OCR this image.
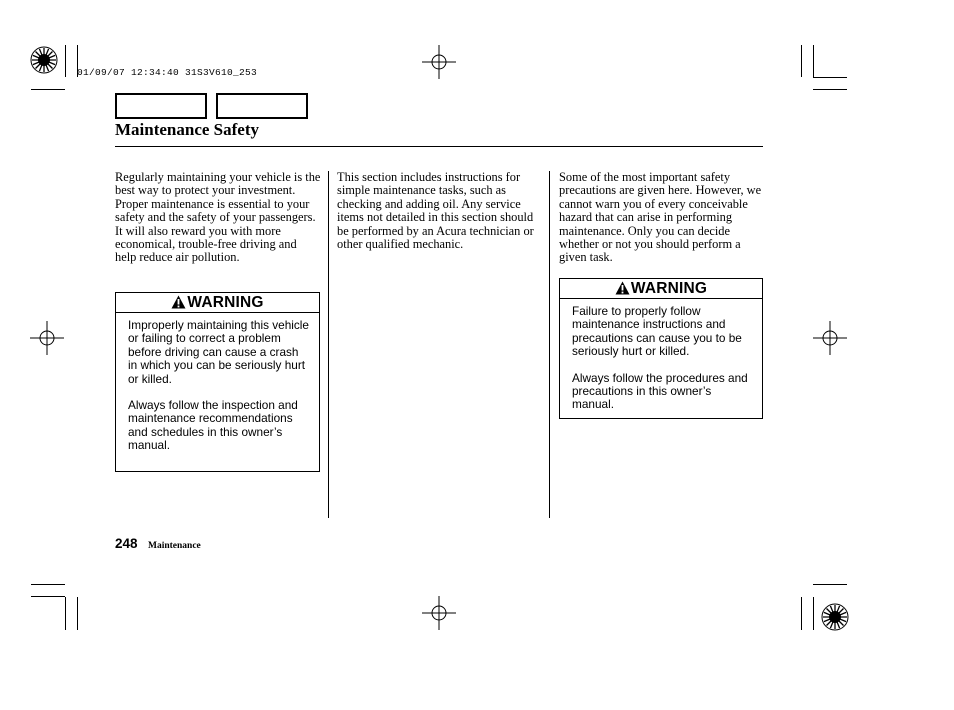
01/09/07 12:34:40 31S3V610_253
Maintenance Safety
Regularly maintaining your vehicle is the best way to protect your investment. Proper maintenance is essential to your safety and the safety of your passengers. It will also reward you with more economical, trouble-free driving and help reduce air pollution.
This section includes instructions for simple maintenance tasks, such as checking and adding oil. Any service items not detailed in this section should be performed by an Acura technician or other qualified mechanic.
Some of the most important safety precautions are given here. However, we cannot warn you of every conceivable hazard that can arise in performing maintenance. Only you can decide whether or not you should perform a given task.
WARNING

Improperly maintaining this vehicle or failing to correct a problem before driving can cause a crash in which you can be seriously hurt or killed.

Always follow the inspection and maintenance recommendations and schedules in this owner’s manual.

WARNING

Failure to properly follow maintenance instructions and precautions can cause you to be seriously hurt or killed.

Always follow the procedures and precautions in this owner’s manual.

248 Maintenance
